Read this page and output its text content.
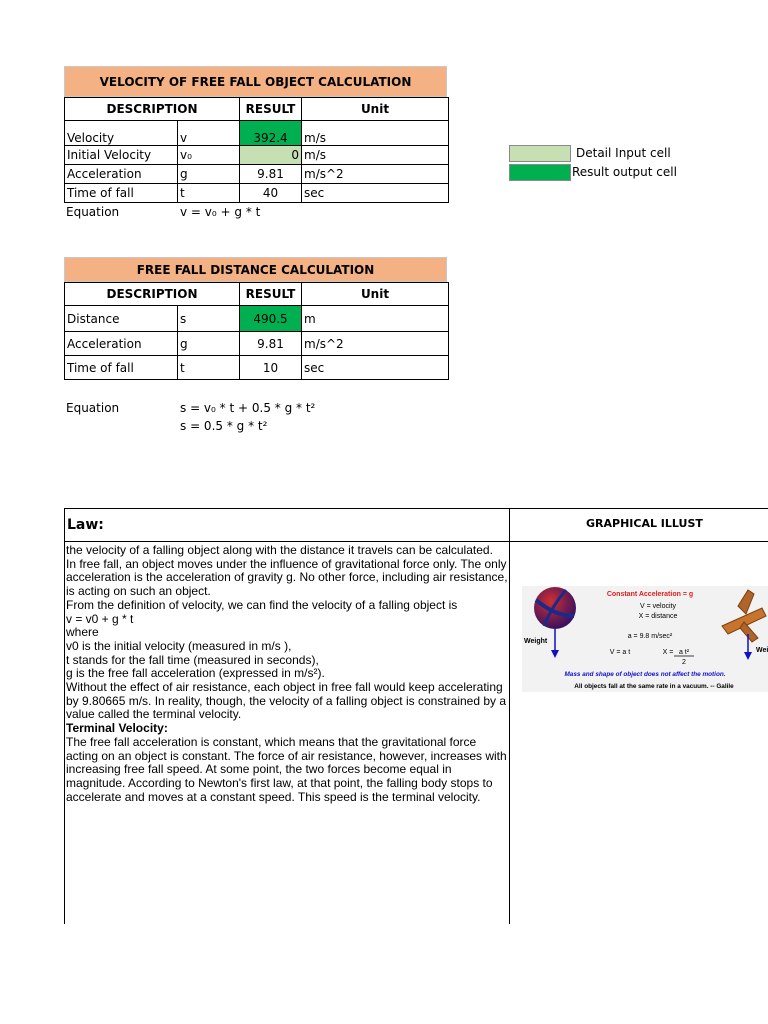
VELOCITY OF FREE FALL OBJECT CALCULATION
DESCRIPTION		RESULT	Unit
Velocity	v	392.4	m/s
Initial Velocity	v₀	0	m/s
Acceleration	g	9.81	m/s^2
Time of fall	t	40	sec
Equation	v = v₀ + g * t
Detail Input cell
Result output cell
FREE FALL DISTANCE CALCULATION
DESCRIPTION		RESULT	Unit
Distance	s	490.5	m
Acceleration	g	9.81	m/s^2
Time of fall	t	10	sec
Equation	s = v₀ * t + 0.5 * g * t²
s = 0.5 * g * t²
Law:	GRAPHICAL ILLUST

the velocity of a falling object along with the distance it travels can be calculated.

In free fall, an object moves under the influence of gravitational force only. The only acceleration is the acceleration of gravity g. No other force, including air resistance, is acting on such an object.

From the definition of velocity, we can find the velocity of a falling object is

v = v0 + g * t

where

v0 is the initial velocity (measured in m/s ),

t stands for the fall time (measured in seconds),

g is the free fall acceleration (expressed in m/s²).

Without the effect of air resistance, each object in free fall would keep accelerating by 9.80665 m/s. In reality, though, the velocity of a falling object is constrained by a value called the terminal velocity.

Terminal Velocity:

The free fall acceleration is constant, which means that the gravitational force acting on an object is constant. The force of air resistance, however, increases with increasing free fall speed. At some point, the two forces become equal in magnitude. According to Newton's first law, at that point, the falling body stops to accelerate and moves at a constant speed. This speed is the terminal velocity.

Weight
Wei
Constant Acceleration = g
V = velocity
X = distance
a = 9.8 m/sec²
V = a t	X = a t²
2
Mass and shape of object does not affect the motion.
All objects fall at the same rate in a vacuum. -- Galile
